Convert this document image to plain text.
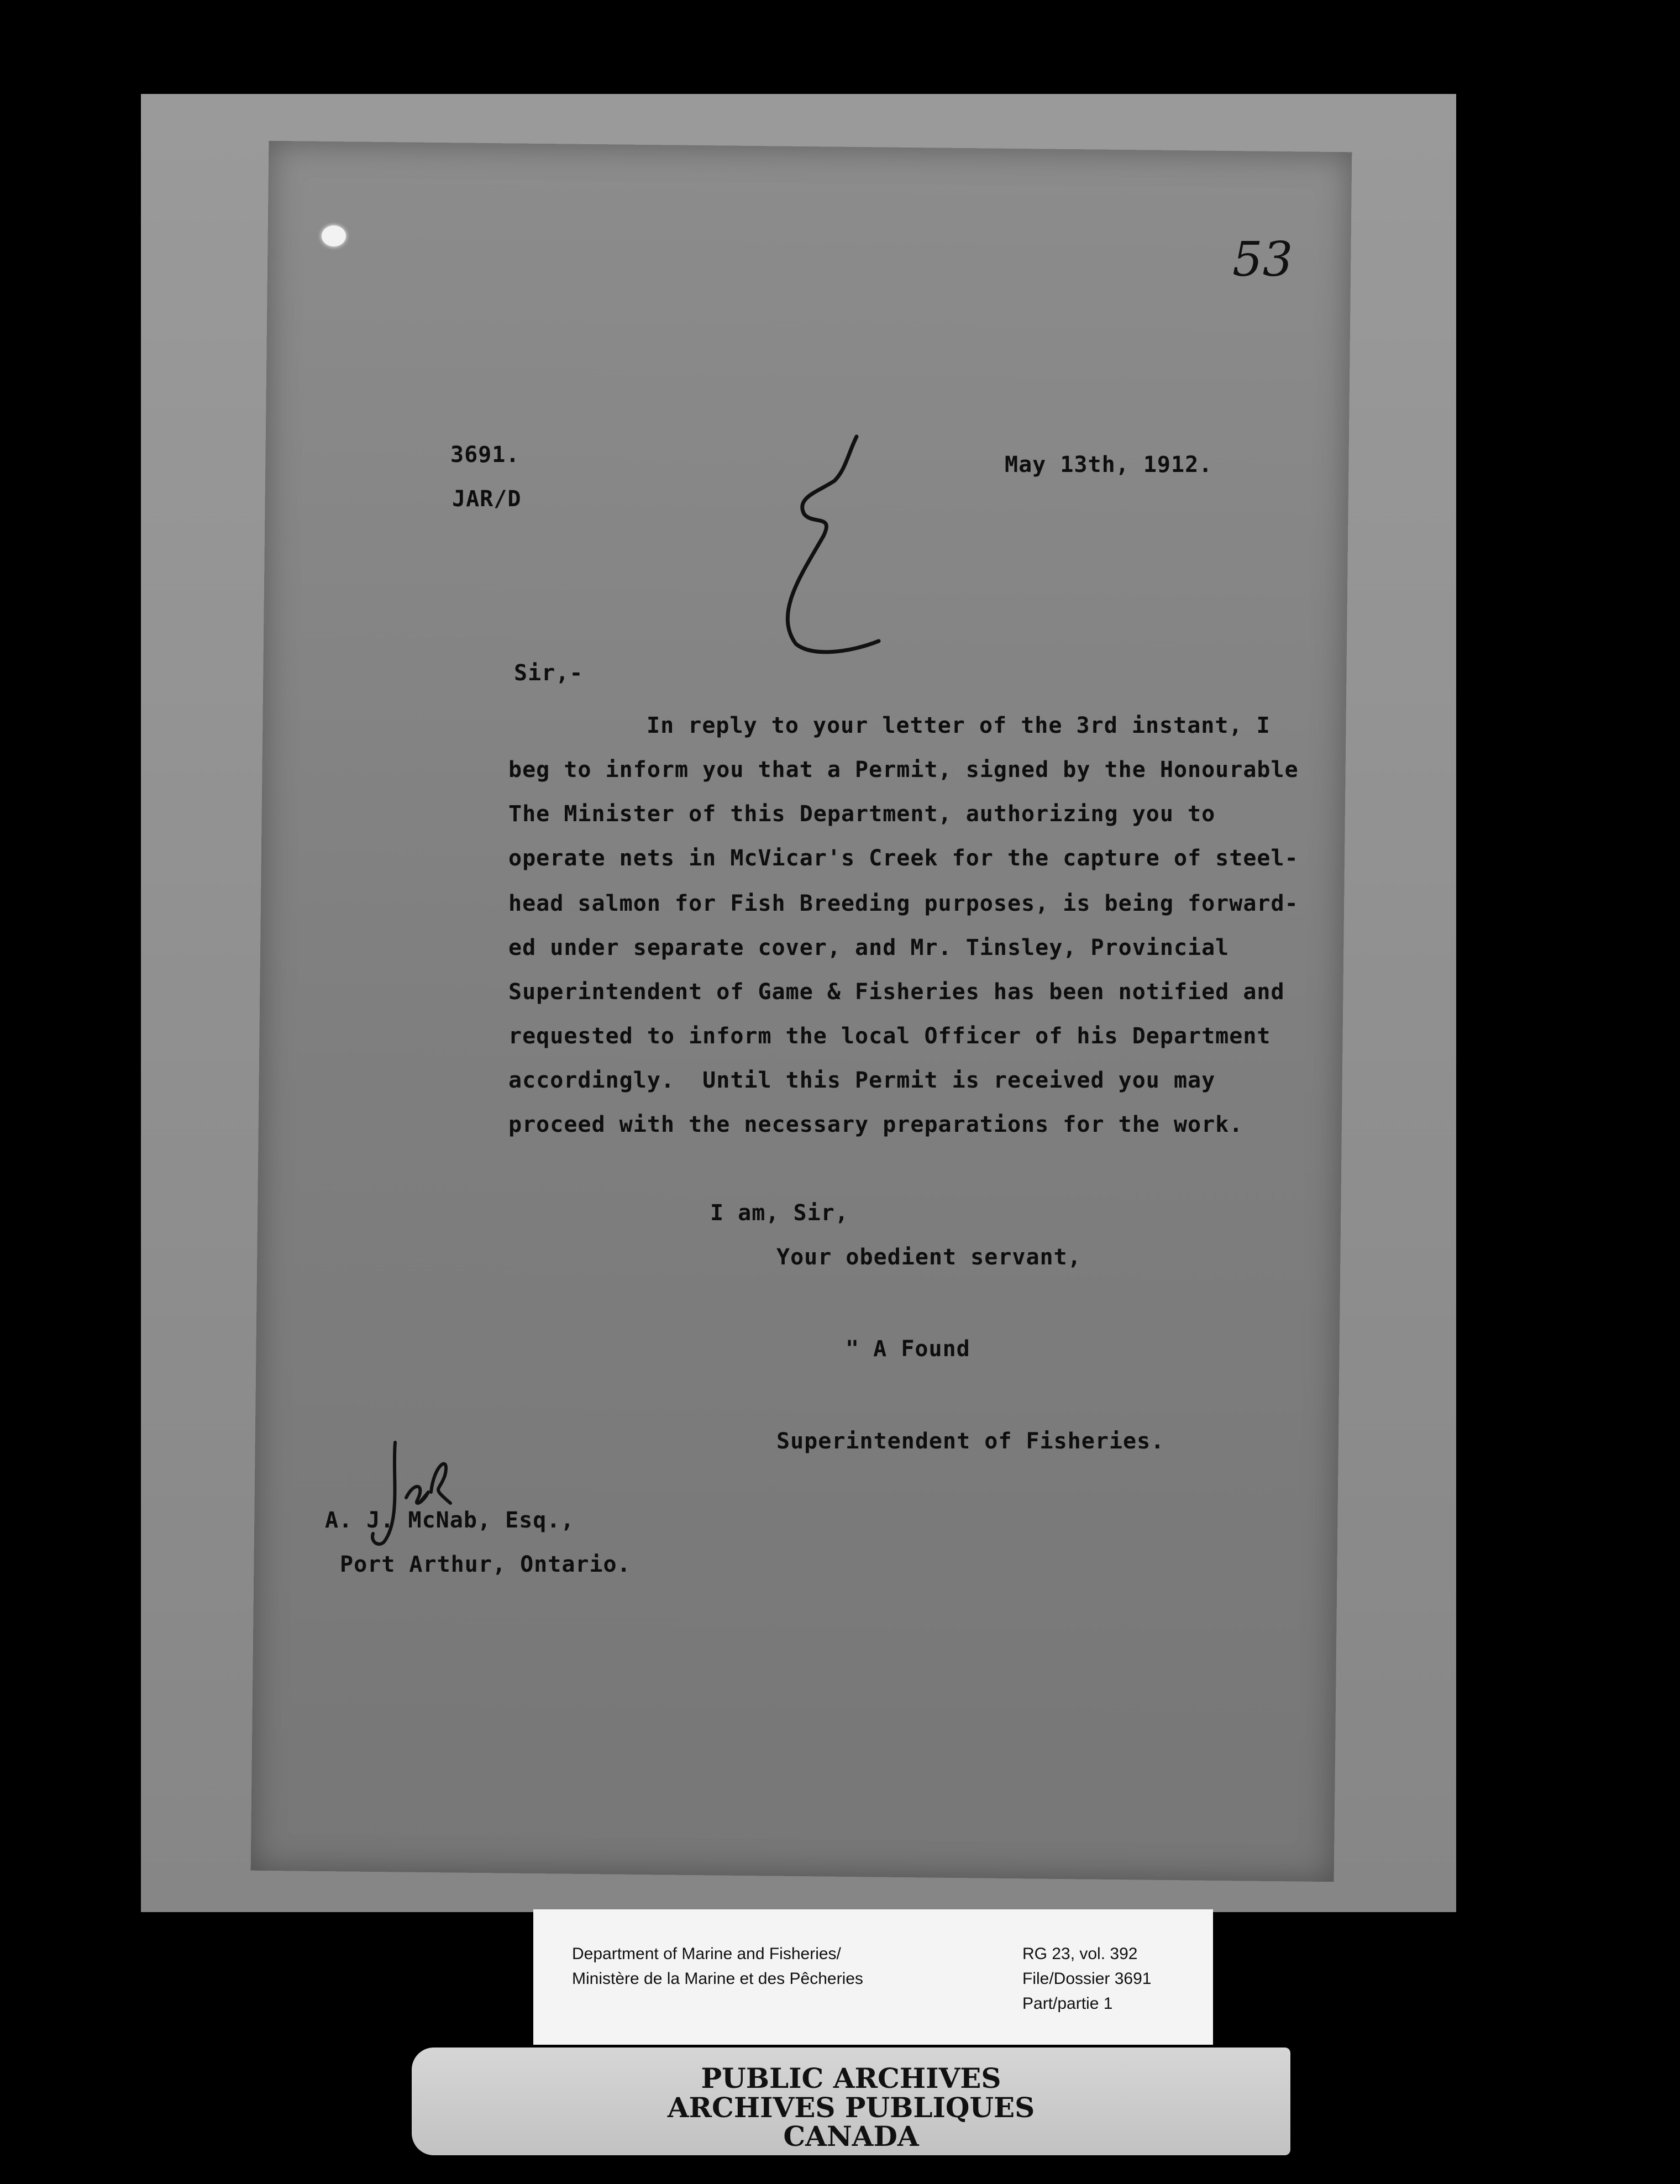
53
3691.
JAR/D
May 13th, 1912.
Sir,-
In reply to your letter of the 3rd instant, I
beg to inform you that a Permit, signed by the Honourable
The Minister of this Department, authorizing you to
operate nets in McVicar's Creek for the capture of steel-
head salmon for Fish Breeding purposes, is being forward-
ed under separate cover, and Mr. Tinsley, Provincial
Superintendent of Game & Fisheries has been notified and
requested to inform the local Officer of his Department
accordingly.  Until this Permit is received you may
proceed with the necessary preparations for the work.
I am, Sir,
Your obedient servant,
" A Found
Superintendent of Fisheries.
A. J. McNab, Esq.,
Port Arthur, Ontario.
Department of Marine and Fisheries/
Ministère de la Marine et des Pêcheries
RG 23, vol. 392
File/Dossier 3691
Part/partie 1
PUBLIC ARCHIVES
ARCHIVES PUBLIQUES
CANADA
